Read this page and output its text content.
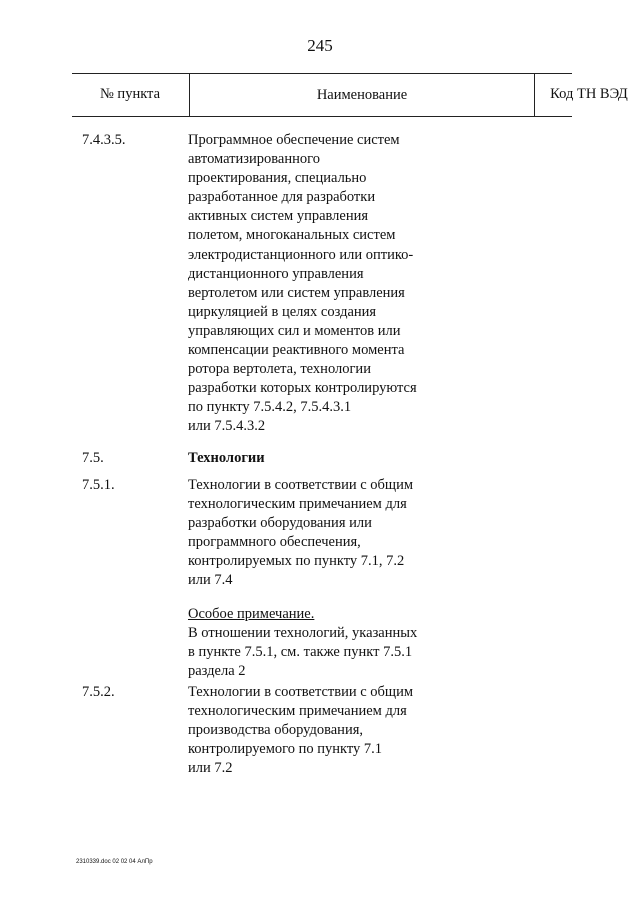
245
№ пункта	Наименование	Код ТН ВЭД
7.4.3.5.	Программное обеспечение систем
автоматизированного
проектирования, специально
разработанное для разработки
активных систем управления
полетом, многоканальных систем
электродистанционного или оптико-
дистанционного управления
вертолетом или систем управления
циркуляцией в целях создания
управляющих сил и моментов или
компенсации реактивного момента
ротора вертолета, технологии
разработки которых контролируются
по пункту 7.5.4.2, 7.5.4.3.1
или 7.5.4.3.2
7.5.	Технологии
7.5.1.	Технологии в соответствии с общим
технологическим примечанием для
разработки оборудования или
программного обеспечения,
контролируемых по пункту 7.1, 7.2
или 7.4
Особое примечание.
В отношении технологий, указанных
в пункте 7.5.1, см. также пункт 7.5.1
раздела 2
7.5.2.	Технологии в соответствии с общим
технологическим примечанием для
производства оборудования,
контролируемого по пункту 7.1
или 7.2
2310339.doc 02 02 04 АлПр
